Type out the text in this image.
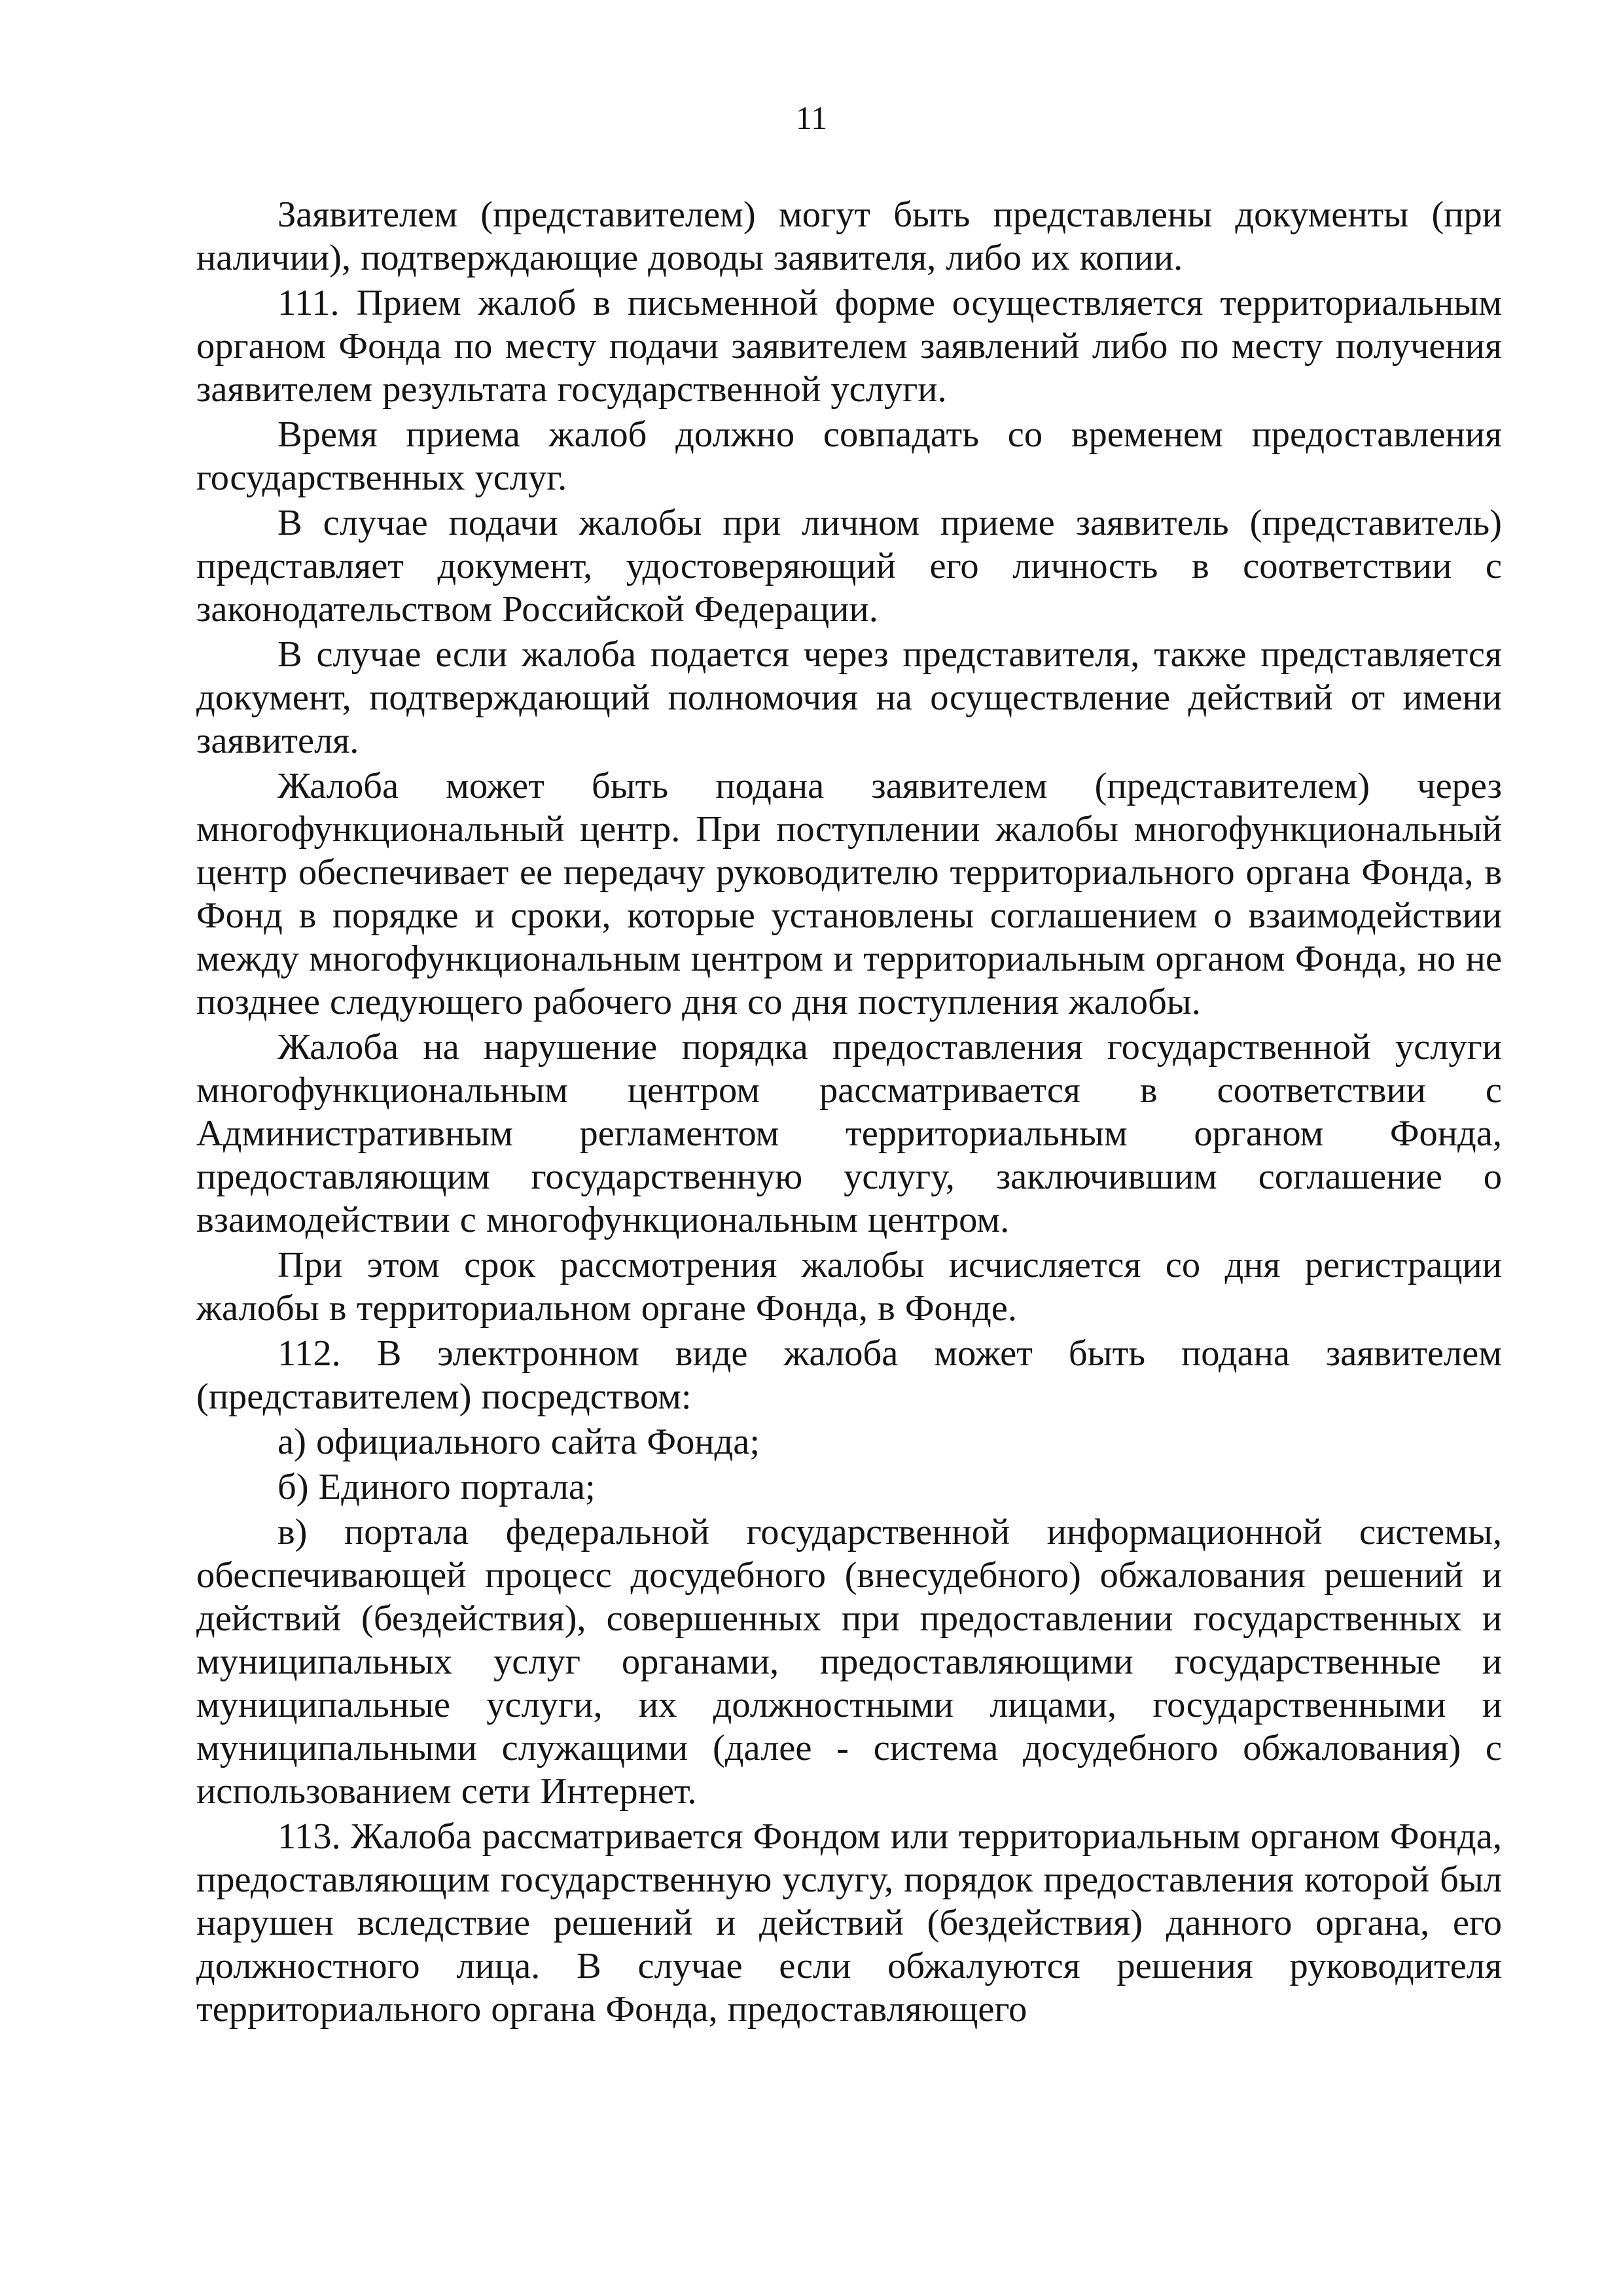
11

Заявителем (представителем) могут быть представлены документы (при наличии), подтверждающие доводы заявителя, либо их копии.

111. Прием жалоб в письменной форме осуществляется территориальным органом Фонда по месту подачи заявителем заявлений либо по месту получения заявителем результата государственной услуги.

Время приема жалоб должно совпадать со временем предоставления государственных услуг.

В случае подачи жалобы при личном приеме заявитель (представитель) представляет документ, удостоверяющий его личность в соответствии с законодательством Российской Федерации.

В случае если жалоба подается через представителя, также представляется документ, подтверждающий полномочия на осуществление действий от имени заявителя.

Жалоба может быть подана заявителем (представителем) через многофункциональный центр. При поступлении жалобы многофункциональный центр обеспечивает ее передачу руководителю территориального органа Фонда, в Фонд в порядке и сроки, которые установлены соглашением о взаимодействии между многофункциональным центром и территориальным органом Фонда, но не позднее следующего рабочего дня со дня поступления жалобы.

Жалоба на нарушение порядка предоставления государственной услуги многофункциональным центром рассматривается в соответствии с Административным регламентом территориальным органом Фонда, предоставляющим государственную услугу, заключившим соглашение о взаимодействии с многофункциональным центром.

При этом срок рассмотрения жалобы исчисляется со дня регистрации жалобы в территориальном органе Фонда, в Фонде.

112. В электронном виде жалоба может быть подана заявителем (представителем) посредством:

а) официального сайта Фонда;

б) Единого портала;

в) портала федеральной государственной информационной системы, обеспечивающей процесс досудебного (внесудебного) обжалования решений и действий (бездействия), совершенных при предоставлении государственных и муниципальных услуг органами, предоставляющими государственные и муниципальные услуги, их должностными лицами, государственными и муниципальными служащими (далее - система досудебного обжалования) с использованием сети Интернет.

113. Жалоба рассматривается Фондом или территориальным органом Фонда, предоставляющим государственную услугу, порядок предоставления которой был нарушен вследствие решений и действий (бездействия) данного органа, его должностного лица. В случае если обжалуются решения руководителя территориального органа Фонда, предоставляющего
